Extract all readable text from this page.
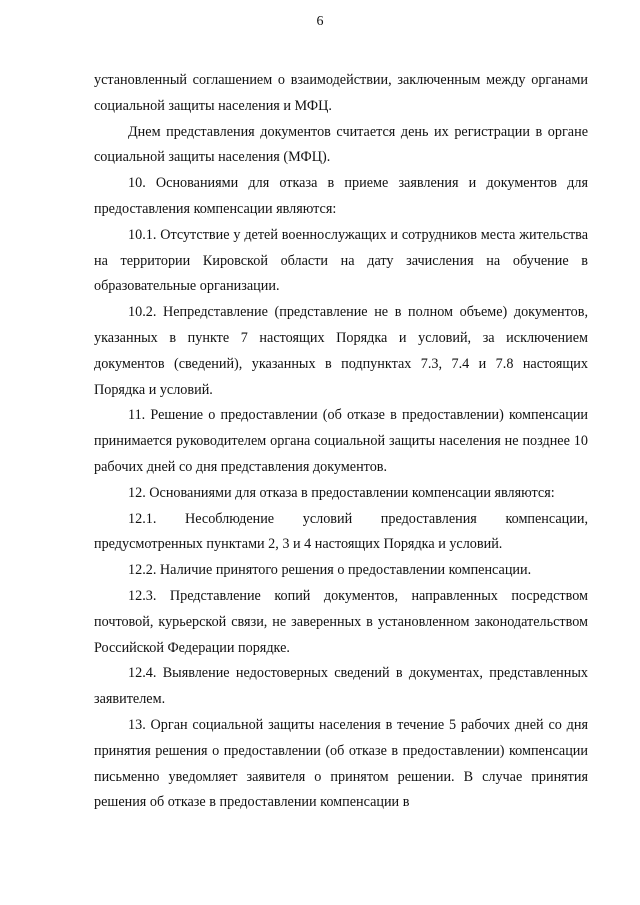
6

установленный соглашением о взаимодействии, заключенным между органами социальной защиты населения и МФЦ.

Днем представления документов считается день их регистрации в органе социальной защиты населения (МФЦ).

10. Основаниями для отказа в приеме заявления и документов для предоставления компенсации являются:

10.1. Отсутствие у детей военнослужащих и сотрудников места жительства на территории Кировской области на дату зачисления на обучение в образовательные организации.

10.2. Непредставление (представление не в полном объеме) документов, указанных в пункте 7 настоящих Порядка и условий, за исключением документов (сведений), указанных в подпунктах 7.3, 7.4 и 7.8 настоящих Порядка и условий.

11. Решение о предоставлении (об отказе в предоставлении) компенсации принимается руководителем органа социальной защиты населения не позднее 10 рабочих дней со дня представления документов.

12. Основаниями для отказа в предоставлении компенсации являются:

12.1. Несоблюдение условий предоставления компенсации, предусмотренных пунктами 2, 3 и 4 настоящих Порядка и условий.

12.2. Наличие принятого решения о предоставлении компенсации.

12.3. Представление копий документов, направленных посредством почтовой, курьерской связи, не заверенных в установленном законодательством Российской Федерации порядке.

12.4. Выявление недостоверных сведений в документах, представленных заявителем.

13. Орган социальной защиты населения в течение 5 рабочих дней со дня принятия решения о предоставлении (об отказе в предоставлении) компенсации письменно уведомляет заявителя о принятом решении. В случае принятия решения об отказе в предоставлении компенсации в
